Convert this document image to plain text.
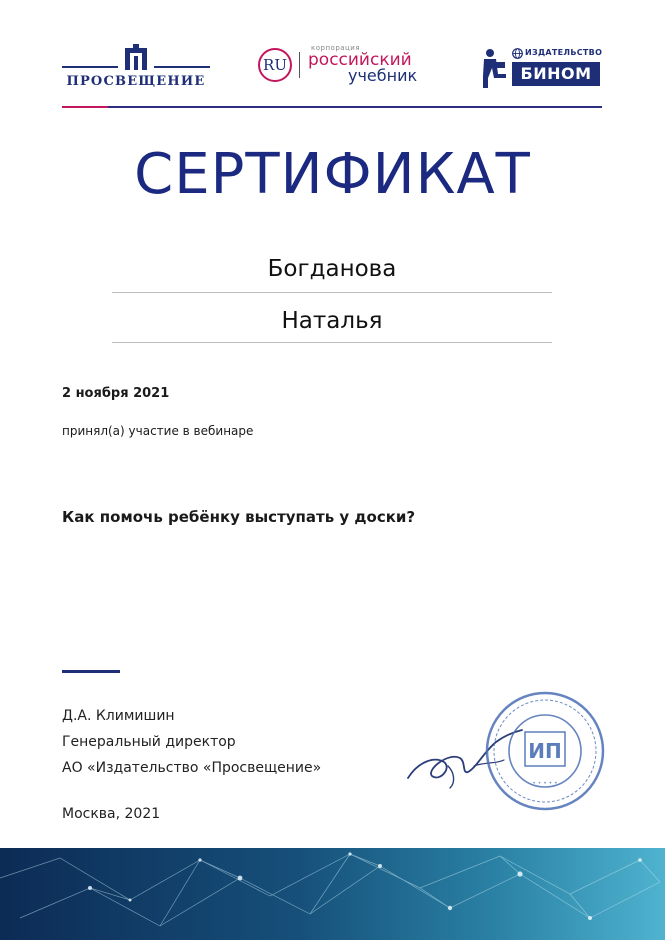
ПРОСВЕЩЕНИЕ
RU
корпорация
российский
учебник
ИЗДАТЕЛЬСТВО
БИНОМ
СЕРТИФИКАТ
Богданова
Наталья
2 ноября 2021
принял(а) участие в вебинаре
Как помочь ребёнку выступать у доски?
Д.А. Климишин
Генеральный директор
АО «Издательство «Просвещение»
Москва, 2021
ИП
• • • • •
